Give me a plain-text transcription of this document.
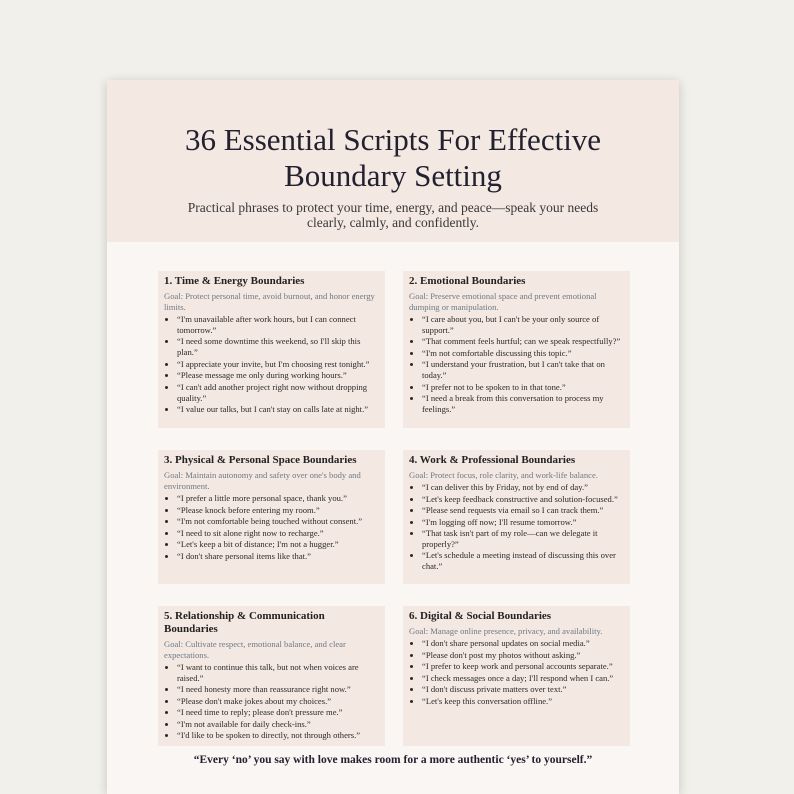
36 Essential Scripts For Effective
Boundary Setting
Practical phrases to protect your time, energy, and peace—speak your needs clearly, calmly, and confidently.
1. Time & Energy Boundaries
Goal: Protect personal time, avoid burnout, and honor energy limits.
• “I'm unavailable after work hours, but I can connect tomorrow.”
• “I need some downtime this weekend, so I'll skip this plan.”
• “I appreciate your invite, but I'm choosing rest tonight.”
• “Please message me only during working hours.”
• “I can't add another project right now without dropping quality.”
• “I value our talks, but I can't stay on calls late at night.”
2. Emotional Boundaries
Goal: Preserve emotional space and prevent emotional dumping or manipulation.
• “I care about you, but I can't be your only source of support.”
• “That comment feels hurtful; can we speak respectfully?”
• “I'm not comfortable discussing this topic.”
• “I understand your frustration, but I can't take that on today.”
• “I prefer not to be spoken to in that tone.”
• “I need a break from this conversation to process my feelings.”
3. Physical & Personal Space Boundaries
Goal: Maintain autonomy and safety over one's body and environment.
• “I prefer a little more personal space, thank you.”
• “Please knock before entering my room.”
• “I'm not comfortable being touched without consent.”
• “I need to sit alone right now to recharge.”
• “Let's keep a bit of distance; I'm not a hugger.”
• “I don't share personal items like that.”
4. Work & Professional Boundaries
Goal: Protect focus, role clarity, and work-life balance.
• “I can deliver this by Friday, not by end of day.”
• “Let's keep feedback constructive and solution-focused.”
• “Please send requests via email so I can track them.”
• “I'm logging off now; I'll resume tomorrow.”
• “That task isn't part of my role—can we delegate it properly?”
• “Let's schedule a meeting instead of discussing this over chat.”
5. Relationship & Communication Boundaries
Goal: Cultivate respect, emotional balance, and clear expectations.
• “I want to continue this talk, but not when voices are raised.”
• “I need honesty more than reassurance right now.”
• “Please don't make jokes about my choices.”
• “I need time to reply; please don't pressure me.”
• “I'm not available for daily check-ins.”
• “I'd like to be spoken to directly, not through others.”
6. Digital & Social Boundaries
Goal: Manage online presence, privacy, and availability.
• “I don't share personal updates on social media.”
• “Please don't post my photos without asking.”
• “I prefer to keep work and personal accounts separate.”
• “I check messages once a day; I'll respond when I can.”
• “I don't discuss private matters over text.”
• “Let's keep this conversation offline.”
“Every ‘no’ you say with love makes room for a more authentic ‘yes’ to yourself.”
